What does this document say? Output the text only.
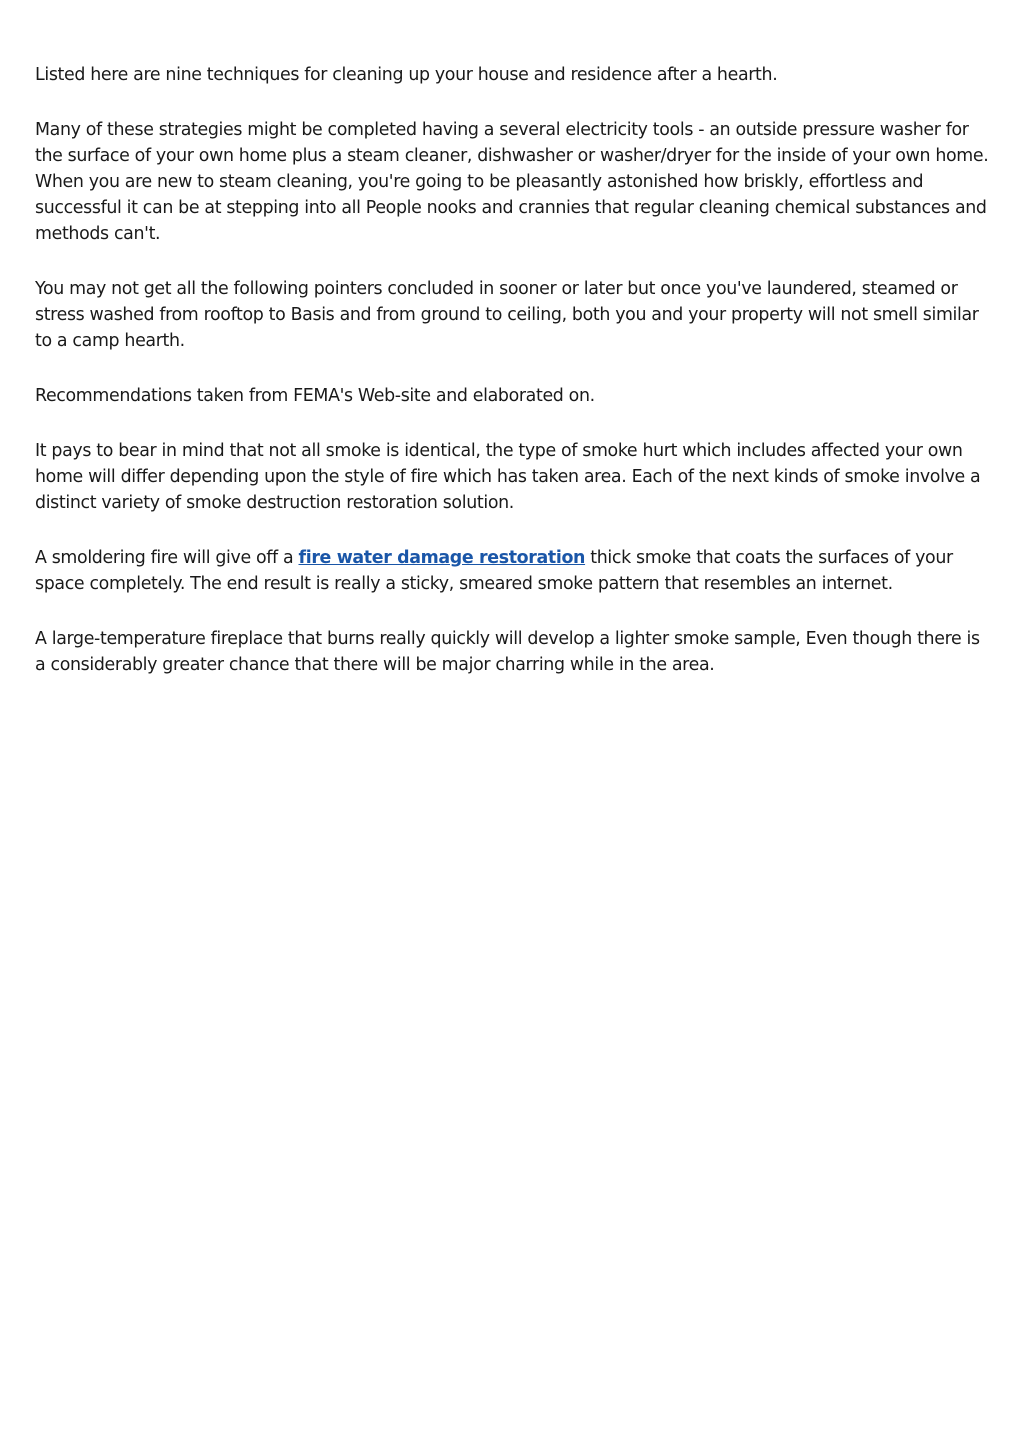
Listed here are nine techniques for cleaning up your house and residence after a hearth.

Many of these strategies might be completed having a several electricity tools - an outside pressure washer for the surface of your own home plus a steam cleaner, dishwasher or washer/dryer for the inside of your own home. When you are new to steam cleaning, you're going to be pleasantly astonished how briskly, effortless and successful it can be at stepping into all People nooks and crannies that regular cleaning chemical substances and methods can't.

You may not get all the following pointers concluded in sooner or later but once you've laundered, steamed or stress washed from rooftop to Basis and from ground to ceiling, both you and your property will not smell similar to a camp hearth.

Recommendations taken from FEMA's Web-site and elaborated on.

It pays to bear in mind that not all smoke is identical, the type of smoke hurt which includes affected your own home will differ depending upon the style of fire which has taken area. Each of the next kinds of smoke involve a distinct variety of smoke destruction restoration solution.

A smoldering fire will give off a fire water damage restoration thick smoke that coats the surfaces of your space completely. The end result is really a sticky, smeared smoke pattern that resembles an internet.

A large-temperature fireplace that burns really quickly will develop a lighter smoke sample, Even though there is a considerably greater chance that there will be major charring while in the area.
